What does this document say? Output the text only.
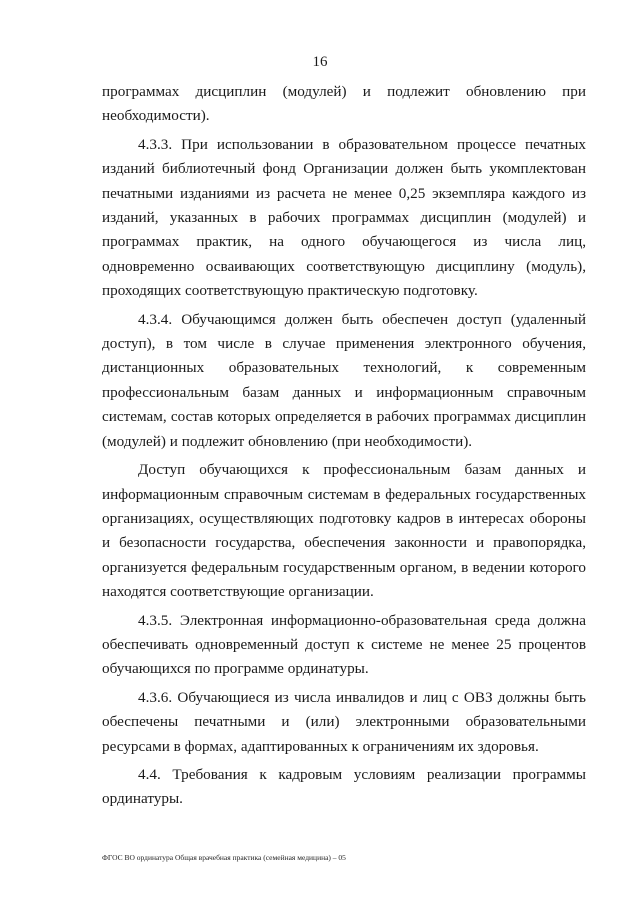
16

программах дисциплин (модулей) и подлежит обновлению при необходимости).

4.3.3. При использовании в образовательном процессе печатных изданий библиотечный фонд Организации должен быть укомплектован печатными изданиями из расчета не менее 0,25 экземпляра каждого из изданий, указанных в рабочих программах дисциплин (модулей) и программах практик, на одного обучающегося из числа лиц, одновременно осваивающих соответствующую дисциплину (модуль), проходящих соответствующую практическую подготовку.

4.3.4. Обучающимся должен быть обеспечен доступ (удаленный доступ), в том числе в случае применения электронного обучения, дистанционных образовательных технологий, к современным профессиональным базам данных и информационным справочным системам, состав которых определяется в рабочих программах дисциплин (модулей) и подлежит обновлению (при необходимости).

Доступ обучающихся к профессиональным базам данных и информационным справочным системам в федеральных государственных организациях, осуществляющих подготовку кадров в интересах обороны и безопасности государства, обеспечения законности и правопорядка, организуется федеральным государственным органом, в ведении которого находятся соответствующие организации.

4.3.5. Электронная информационно-образовательная среда должна обеспечивать одновременный доступ к системе не менее 25 процентов обучающихся по программе ординатуры.

4.3.6. Обучающиеся из числа инвалидов и лиц с ОВЗ должны быть обеспечены печатными и (или) электронными образовательными ресурсами в формах, адаптированных к ограничениям их здоровья.

4.4. Требования к кадровым условиям реализации программы ординатуры.

ФГОС ВО ординатура Общая врачебная практика (семейная медицина) – 05
